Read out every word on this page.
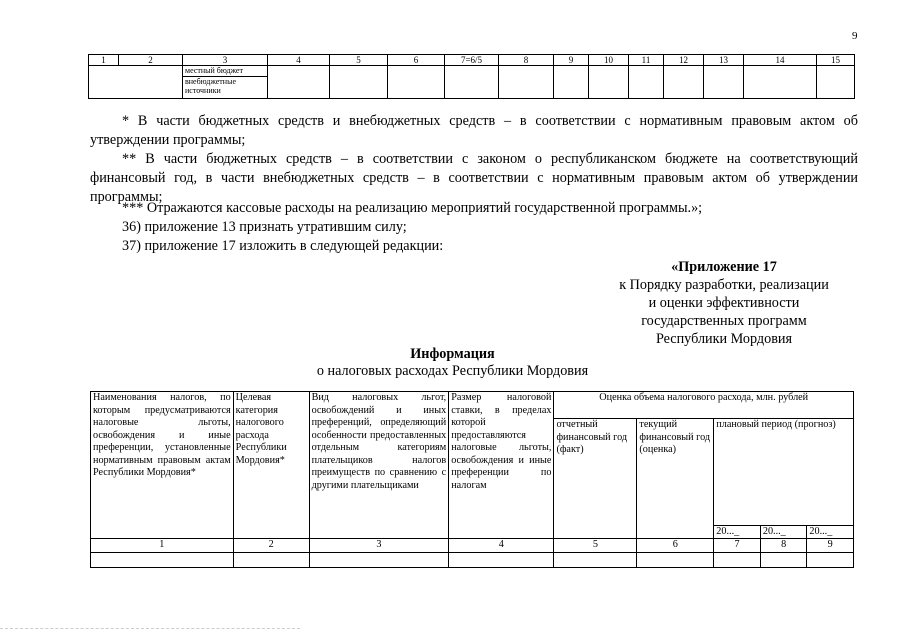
9
1	2	3	4	5	6	7=6/5	8	9	10	11	12	13	14	15
		местный бюджет												
		внебюджетные источники												
* В части бюджетных средств и внебюджетных средств – в соответствии с нормативным правовым актом об утверждении программы;
** В части бюджетных средств – в соответствии с законом о республиканском бюджете на соответствующий финансовый год, в части внебюджетных средств – в соответствии с нормативным правовым актом об утверждении программы;
*** Отражаются кассовые расходы на реализацию мероприятий государственной программы.»;
36) приложение 13 признать утратившим силу;
37) приложение 17 изложить в следующей редакции:
«Приложение 17
к Порядку разработки, реализации
и оценки эффективности
государственных программ
Республики Мордовия
Информация
о налоговых расходах Республики Мордовия
Наименования налогов, по которым предусматриваются налоговые льготы, освобождения и иные преференции, установленные нормативным правовым актам Республики Мордовия*	Целевая категория налогового расхода Республики Мордовия*	Вид налоговых льгот, освобождений и иных преференций, определяющий особенности предоставленных отдельным категориям плательщиков налогов преимуществ по сравнению с другими плательщиками	Размер налоговой ставки, в пределах которой предоставляются налоговые льготы, освобождения и иные преференции по налогам	Оценка объема налогового расхода, млн. рублей				
				отчетный финансовый год (факт)	текущий финансовый год (оценка)	плановый период (прогноз)		
						20..._	20..._	20..._
1	2	3	4	5	6	7	8	9
